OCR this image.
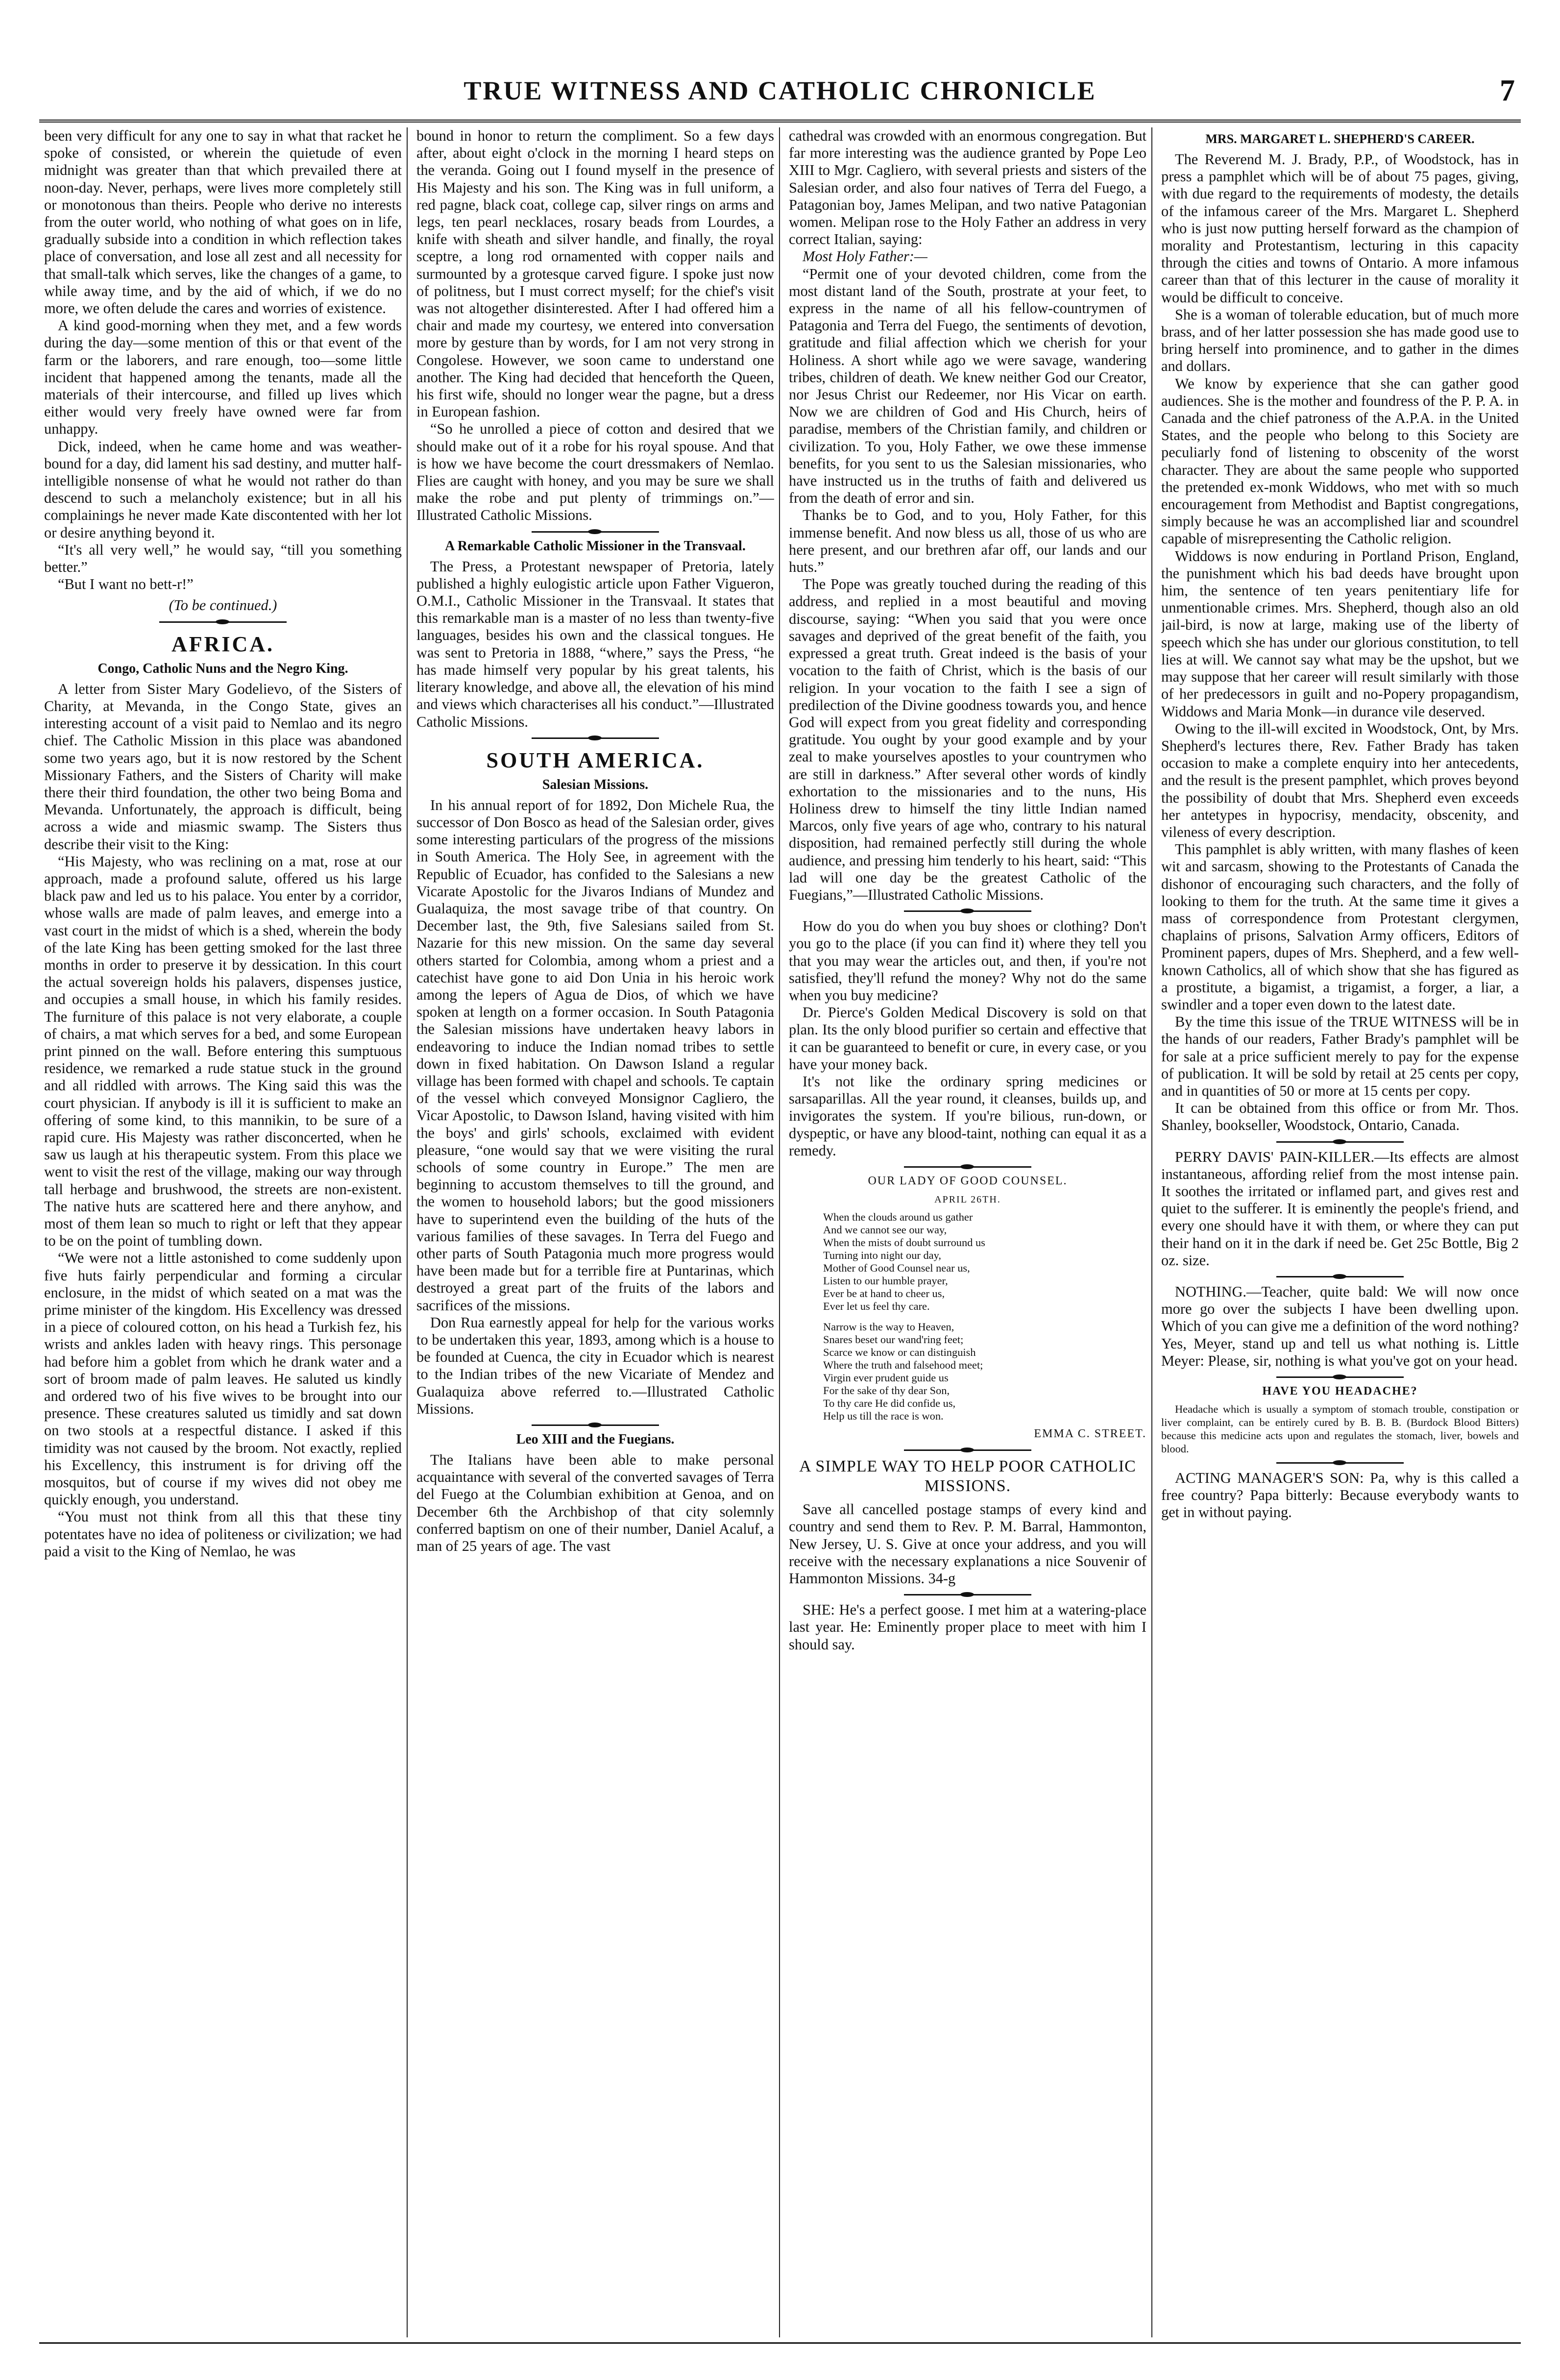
TRUE WITNESS AND CATHOLIC CHRONICLE	7

been very difficult for any one to say in what that racket he spoke of consisted, or wherein the quietude of even midnight was greater than that which prevailed there at noon-day. Never, perhaps, were lives more completely still or monotonous than theirs. People who derive no interests from the outer world, who nothing of what goes on in life, gradually subside into a condition in which reflection takes place of conversation, and lose all zest and all necessity for that small-talk which serves, like the changes of a game, to while away time, and by the aid of which, if we do no more, we often delude the cares and worries of existence.

A kind good-morning when they met, and a few words during the day—some mention of this or that event of the farm or the laborers, and rare enough, too—some little incident that happened among the tenants, made all the materials of their intercourse, and filled up lives which either would very freely have owned were far from unhappy.

Dick, indeed, when he came home and was weather-bound for a day, did lament his sad destiny, and mutter half-intelligible nonsense of what he would not rather do than descend to such a melancholy existence; but in all his complainings he never made Kate discontented with her lot or desire anything beyond it.

“It's all very well,” he would say, “till you something better.”

“But I want no bett-r!”

(To be continued.)

AFRICA.
Congo, Catholic Nuns and the Negro King.

A letter from Sister Mary Godelievo, of the Sisters of Charity, at Mevanda, in the Congo State, gives an interesting account of a visit paid to Nemlao and its negro chief. The Catholic Mission in this place was abandoned some two years ago, but it is now restored by the Schent Missionary Fathers, and the Sisters of Charity will make there their third foundation, the other two being Boma and Mevanda. Unfortunately, the approach is difficult, being across a wide and miasmic swamp. The Sisters thus describe their visit to the King:

“His Majesty, who was reclining on a mat, rose at our approach, made a profound salute, offered us his large black paw and led us to his palace. You enter by a corridor, whose walls are made of palm leaves, and emerge into a vast court in the midst of which is a shed, wherein the body of the late King has been getting smoked for the last three months in order to preserve it by dessication. In this court the actual sovereign holds his palavers, dispenses justice, and occupies a small house, in which his family resides. The furniture of this palace is not very elaborate, a couple of chairs, a mat which serves for a bed, and some European print pinned on the wall. Before entering this sumptuous residence, we remarked a rude statue stuck in the ground and all riddled with arrows. The King said this was the court physician. If anybody is ill it is sufficient to make an offering of some kind, to this mannikin, to be sure of a rapid cure. His Majesty was rather disconcerted, when he saw us laugh at his therapeutic system. From this place we went to visit the rest of the village, making our way through tall herbage and brushwood, the streets are non-existent. The native huts are scattered here and there anyhow, and most of them lean so much to right or left that they appear to be on the point of tumbling down.

“We were not a little astonished to come suddenly upon five huts fairly perpendicular and forming a circular enclosure, in the midst of which seated on a mat was the prime minister of the kingdom. His Excellency was dressed in a piece of coloured cotton, on his head a Turkish fez, his wrists and ankles laden with heavy rings. This personage had before him a goblet from which he drank water and a sort of broom made of palm leaves. He saluted us kindly and ordered two of his five wives to be brought into our presence. These creatures saluted us timidly and sat down on two stools at a respectful distance. I asked if this timidity was not caused by the broom. Not exactly, replied his Excellency, this instrument is for driving off the mosquitos, but of course if my wives did not obey me quickly enough, you understand.

“You must not think from all this that these tiny potentates have no idea of politeness or civilization; we had paid a visit to the King of Nemlao, he was

bound in honor to return the compliment. So a few days after, about eight o'clock in the morning I heard steps on the veranda. Going out I found myself in the presence of His Majesty and his son. The King was in full uniform, a red pagne, black coat, college cap, silver rings on arms and legs, ten pearl necklaces, rosary beads from Lourdes, a knife with sheath and silver handle, and finally, the royal sceptre, a long rod ornamented with copper nails and surmounted by a grotesque carved figure. I spoke just now of politness, but I must correct myself; for the chief's visit was not altogether disinterested. After I had offered him a chair and made my courtesy, we entered into conversation more by gesture than by words, for I am not very strong in Congolese. However, we soon came to understand one another. The King had decided that henceforth the Queen, his first wife, should no longer wear the pagne, but a dress in European fashion.

“So he unrolled a piece of cotton and desired that we should make out of it a robe for his royal spouse. And that is how we have become the court dressmakers of Nemlao. Flies are caught with honey, and you may be sure we shall make the robe and put plenty of trimmings on.”—Illustrated Catholic Missions.

A Remarkable Catholic Missioner in the Transvaal.

The Press, a Protestant newspaper of Pretoria, lately published a highly eulogistic article upon Father Vigueron, O.M.I., Catholic Missioner in the Transvaal. It states that this remarkable man is a master of no less than twenty-five languages, besides his own and the classical tongues. He was sent to Pretoria in 1888, “where,” says the Press, “he has made himself very popular by his great talents, his literary knowledge, and above all, the elevation of his mind and views which characterises all his conduct.”—Illustrated Catholic Missions.

SOUTH AMERICA.
Salesian Missions.

In his annual report of for 1892, Don Michele Rua, the successor of Don Bosco as head of the Salesian order, gives some interesting particulars of the progress of the missions in South America. The Holy See, in agreement with the Republic of Ecuador, has confided to the Salesians a new Vicarate Apostolic for the Jivaros Indians of Mundez and Gualaquiza, the most savage tribe of that country. On December last, the 9th, five Salesians sailed from St. Nazarie for this new mission. On the same day several others started for Colombia, among whom a priest and a catechist have gone to aid Don Unia in his heroic work among the lepers of Agua de Dios, of which we have spoken at length on a former occasion. In South Patagonia the Salesian missions have undertaken heavy labors in endeavoring to induce the Indian nomad tribes to settle down in fixed habitation. On Dawson Island a regular village has been formed with chapel and schools. Te captain of the vessel which conveyed Monsignor Cagliero, the Vicar Apostolic, to Dawson Island, having visited with him the boys' and girls' schools, exclaimed with evident pleasure, “one would say that we were visiting the rural schools of some country in Europe.” The men are beginning to accustom themselves to till the ground, and the women to household labors; but the good missioners have to superintend even the building of the huts of the various families of these savages. In Terra del Fuego and other parts of South Patagonia much more progress would have been made but for a terrible fire at Puntarinas, which destroyed a great part of the fruits of the labors and sacrifices of the missions.

Don Rua earnestly appeal for help for the various works to be undertaken this year, 1893, among which is a house to be founded at Cuenca, the city in Ecuador which is nearest to the Indian tribes of the new Vicariate of Mendez and Gualaquiza above referred to.—Illustrated Catholic Missions.

Leo XIII and the Fuegians.

The Italians have been able to make personal acquaintance with several of the converted savages of Terra del Fuego at the Columbian exhibition at Genoa, and on December 6th the Archbishop of that city solemnly conferred baptism on one of their number, Daniel Acaluf, a man of 25 years of age. The vast

cathedral was crowded with an enormous congregation. But far more interesting was the audience granted by Pope Leo XIII to Mgr. Cagliero, with several priests and sisters of the Salesian order, and also four natives of Terra del Fuego, a Patagonian boy, James Melipan, and two native Patagonian women. Melipan rose to the Holy Father an address in very correct Italian, saying:

Most Holy Father:—

“Permit one of your devoted children, come from the most distant land of the South, prostrate at your feet, to express in the name of all his fellow-countrymen of Patagonia and Terra del Fuego, the sentiments of devotion, gratitude and filial affection which we cherish for your Holiness. A short while ago we were savage, wandering tribes, children of death. We knew neither God our Creator, nor Jesus Christ our Redeemer, nor His Vicar on earth. Now we are children of God and His Church, heirs of paradise, members of the Christian family, and children or civilization. To you, Holy Father, we owe these immense benefits, for you sent to us the Salesian missionaries, who have instructed us in the truths of faith and delivered us from the death of error and sin.

Thanks be to God, and to you, Holy Father, for this immense benefit. And now bless us all, those of us who are here present, and our brethren afar off, our lands and our huts.”

The Pope was greatly touched during the reading of this address, and replied in a most beautiful and moving discourse, saying: “When you said that you were once savages and deprived of the great benefit of the faith, you expressed a great truth. Great indeed is the basis of your vocation to the faith of Christ, which is the basis of our religion. In your vocation to the faith I see a sign of predilection of the Divine goodness towards you, and hence God will expect from you great fidelity and corresponding gratitude. You ought by your good example and by your zeal to make yourselves apostles to your countrymen who are still in darkness.” After several other words of kindly exhortation to the missionaries and to the nuns, His Holiness drew to himself the tiny little Indian named Marcos, only five years of age who, contrary to his natural disposition, had remained perfectly still during the whole audience, and pressing him tenderly to his heart, said: “This lad will one day be the greatest Catholic of the Fuegians,”—Illustrated Catholic Missions.

How do you do when you buy shoes or clothing? Don't you go to the place (if you can find it) where they tell you that you may wear the articles out, and then, if you're not satisfied, they'll refund the money? Why not do the same when you buy medicine?

Dr. Pierce's Golden Medical Discovery is sold on that plan. Its the only blood purifier so certain and effective that it can be guaranteed to benefit or cure, in every case, or you have your money back.

It's not like the ordinary spring medicines or sarsaparillas. All the year round, it cleanses, builds up, and invigorates the system. If you're bilious, run-down, or dyspeptic, or have any blood-taint, nothing can equal it as a remedy.

OUR LADY OF GOOD COUNSEL.
APRIL 26TH.
When the clouds around us gather
And we cannot see our way,
When the mists of doubt surround us
Turning into night our day,
Mother of Good Counsel near us,
Listen to our humble prayer,
Ever be at hand to cheer us,
Ever let us feel thy care.
Narrow is the way to Heaven,
Snares beset our wand'ring feet;
Scarce we know or can distinguish
Where the truth and falsehood meet;
Virgin ever prudent guide us
For the sake of thy dear Son,
To thy care He did confide us,
Help us till the race is won.

EMMA C. STREET.

A SIMPLE WAY TO HELP POOR CATHOLIC MISSIONS.

Save all cancelled postage stamps of every kind and country and send them to Rev. P. M. Barral, Hammonton, New Jersey, U. S. Give at once your address, and you will receive with the necessary explanations a nice Souvenir of Hammonton Missions. 34-g

SHE: He's a perfect goose. I met him at a watering-place last year. He: Eminently proper place to meet with him I should say.

MRS. MARGARET L. SHEPHERD'S CAREER.

The Reverend M. J. Brady, P.P., of Woodstock, has in press a pamphlet which will be of about 75 pages, giving, with due regard to the requirements of modesty, the details of the infamous career of the Mrs. Margaret L. Shepherd who is just now putting herself forward as the champion of morality and Protestantism, lecturing in this capacity through the cities and towns of Ontario. A more infamous career than that of this lecturer in the cause of morality it would be difficult to conceive.

She is a woman of tolerable education, but of much more brass, and of her latter possession she has made good use to bring herself into prominence, and to gather in the dimes and dollars.

We know by experience that she can gather good audiences. She is the mother and foundress of the P. P. A. in Canada and the chief patroness of the A.P.A. in the United States, and the people who belong to this Society are peculiarly fond of listening to obscenity of the worst character. They are about the same people who supported the pretended ex-monk Widdows, who met with so much encouragement from Methodist and Baptist congregations, simply because he was an accomplished liar and scoundrel capable of misrepresenting the Catholic religion.

Widdows is now enduring in Portland Prison, England, the punishment which his bad deeds have brought upon him, the sentence of ten years penitentiary life for unmentionable crimes. Mrs. Shepherd, though also an old jail-bird, is now at large, making use of the liberty of speech which she has under our glorious constitution, to tell lies at will. We cannot say what may be the upshot, but we may suppose that her career will result similarly with those of her predecessors in guilt and no-Popery propagandism, Widdows and Maria Monk—in durance vile deserved.

Owing to the ill-will excited in Woodstock, Ont, by Mrs. Shepherd's lectures there, Rev. Father Brady has taken occasion to make a complete enquiry into her antecedents, and the result is the present pamphlet, which proves beyond the possibility of doubt that Mrs. Shepherd even exceeds her antetypes in hypocrisy, mendacity, obscenity, and vileness of every description.

This pamphlet is ably written, with many flashes of keen wit and sarcasm, showing to the Protestants of Canada the dishonor of encouraging such characters, and the folly of looking to them for the truth. At the same time it gives a mass of correspondence from Protestant clergymen, chaplains of prisons, Salvation Army officers, Editors of Prominent papers, dupes of Mrs. Shepherd, and a few well-known Catholics, all of which show that she has figured as a prostitute, a bigamist, a trigamist, a forger, a liar, a swindler and a toper even down to the latest date.

By the time this issue of the TRUE WITNESS will be in the hands of our readers, Father Brady's pamphlet will be for sale at a price sufficient merely to pay for the expense of publication. It will be sold by retail at 25 cents per copy, and in quantities of 50 or more at 15 cents per copy.

It can be obtained from this office or from Mr. Thos. Shanley, bookseller, Woodstock, Ontario, Canada.

PERRY DAVIS' PAIN-KILLER.—Its effects are almost instantaneous, affording relief from the most intense pain. It soothes the irritated or inflamed part, and gives rest and quiet to the sufferer. It is eminently the people's friend, and every one should have it with them, or where they can put their hand on it in the dark if need be. Get 25c Bottle, Big 2 oz. size.

NOTHING.—Teacher, quite bald: We will now once more go over the subjects I have been dwelling upon. Which of you can give me a definition of the word nothing? Yes, Meyer, stand up and tell us what nothing is. Little Meyer: Please, sir, nothing is what you've got on your head.

HAVE YOU HEADACHE?

Headache which is usually a symptom of stomach trouble, constipation or liver complaint, can be entirely cured by B. B. B. (Burdock Blood Bitters) because this medicine acts upon and regulates the stomach, liver, bowels and blood.

ACTING MANAGER'S SON: Pa, why is this called a free country? Papa bitterly: Because everybody wants to get in without paying.
